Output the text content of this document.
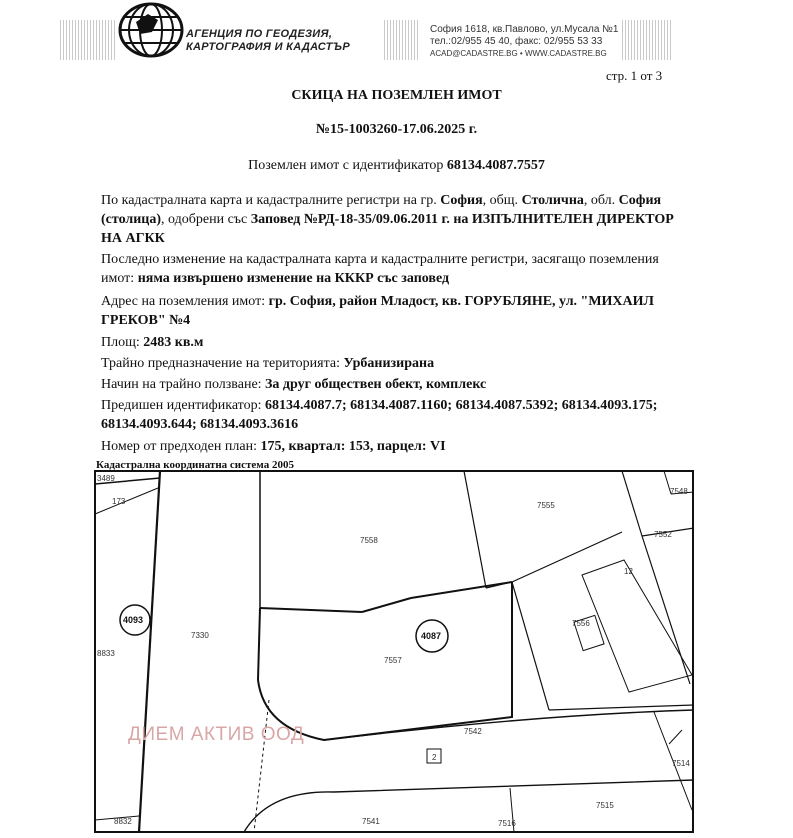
АГЕНЦИЯ ПО ГЕОДЕЗИЯ,
КАРТОГРАФИЯ И КАДАСТЪР
София 1618, кв.Павлово, ул.Мусала №1
тел.:02/955 45 40, факс: 02/955 53 33
ACAD@CADASTRE.BG • WWW.CADASTRE.BG
стр. 1 от 3
СКИЦА НА ПОЗЕМЛЕН ИМОТ
№15-1003260-17.06.2025 г.
Поземлен имот с идентификатор 68134.4087.7557

По кадастралната карта и кадастралните регистри на гр. София, общ. Столична, обл. София (столица), одобрени със Заповед №РД-18-35/09.06.2011 г. на ИЗПЪЛНИТЕЛЕН ДИРЕКТОР НА АГКК

Последно изменение на кадастралната карта и кадастралните регистри, засягащо поземления имот: няма извършено изменение на КККР със заповед

Адрес на поземления имот: гр. София, район Младост, кв. ГОРУБЛЯНЕ, ул. "МИХАИЛ ГРЕКОВ" №4

Площ: 2483 кв.м

Трайно предназначение на територията: Урбанизирана

Начин на трайно ползване: За друг обществен обект, комплекс

Предишен идентификатор: 68134.4087.7; 68134.4087.1160; 68134.4087.5392; 68134.4093.175; 68134.4093.644; 68134.4093.3616

Номер от предходен план: 175, квартал: 153, парцел: VI

Кадастрална координатна система 2005
3489
173
7558
7555
7548
7552
12
7556
4093
4087
7330
8833
7557
7542
2
7514
7515
7541	7516
8832
ДИЕМ АКТИВ ООД
